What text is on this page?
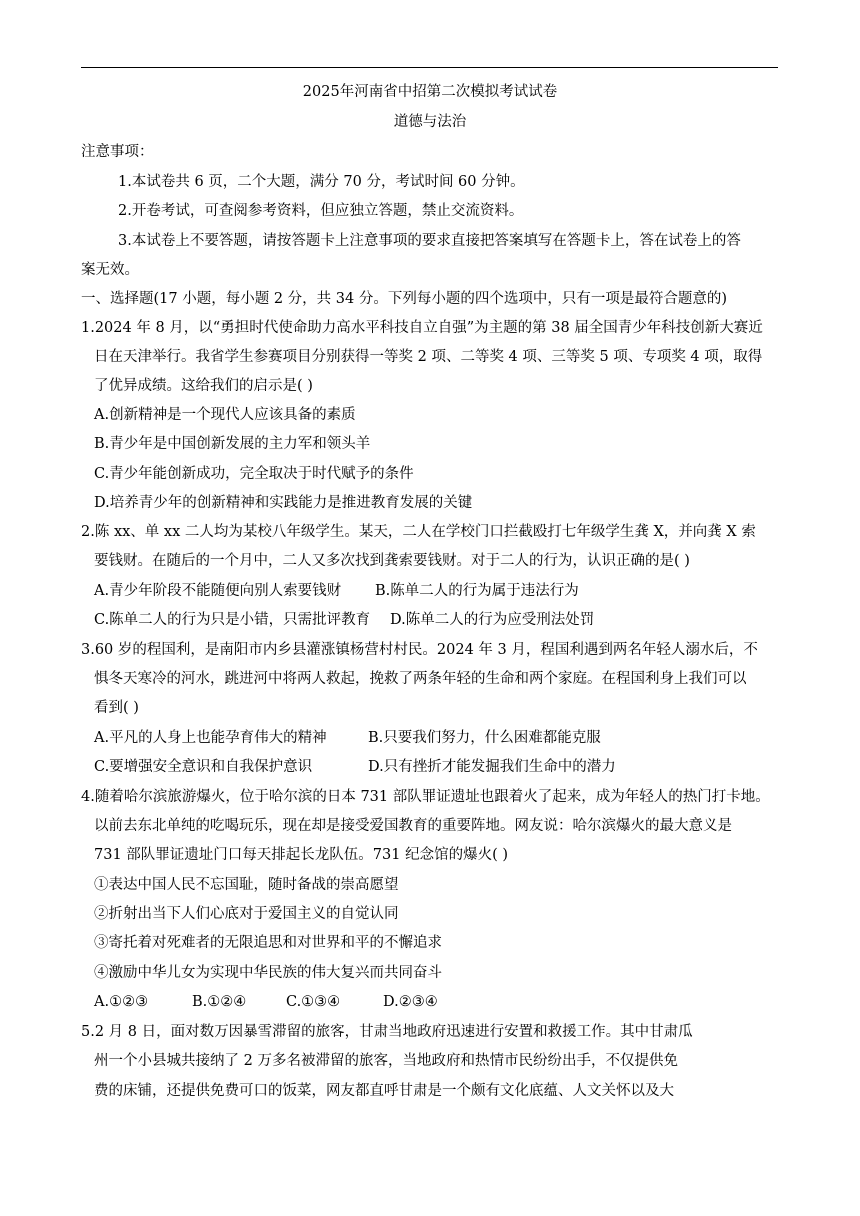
2025年河南省中招第二次模拟考试试卷
道德与法治
注意事项：
1.本试卷共 6 页，二个大题，满分 70 分，考试时间 60 分钟。
2.开卷考试，可查阅参考资料，但应独立答题，禁止交流资料。
3.本试卷上不要答题，请按答题卡上注意事项的要求直接把答案填写在答题卡上，答在试卷上的答
案无效。
一、选择题(17 小题，每小题 2 分，共 34 分。下列每小题的四个选项中，只有一项是最符合题意的)
1.2024 年 8 月，以“勇担时代使命助力高水平科技自立自强”为主题的第 38 届全国青少年科技创新大赛近
日在天津举行。我省学生参赛项目分别获得一等奖 2 项、二等奖 4 项、三等奖 5 项、专项奖 4 项，取得
了优异成绩。这给我们的启示是( )
A.创新精神是一个现代人应该具备的素质
B.青少年是中国创新发展的主力军和领头羊
C.青少年能创新成功，完全取决于时代赋予的条件
D.培养青少年的创新精神和实践能力是推进教育发展的关键
2.陈 xx、单 xx 二人均为某校八年级学生。某天，二人在学校门口拦截殴打七年级学生龚 X，并向龚 X 索
要钱财。在随后的一个月中，二人又多次找到龚索要钱财。对于二人的行为，认识正确的是( )
A.青少年阶段不能随便向别人索要钱财 B.陈单二人的行为属于违法行为
C.陈单二人的行为只是小错，只需批评教育 D.陈单二人的行为应受刑法处罚
3.60 岁的程国利，是南阳市内乡县灌涨镇杨营村村民。2024 年 3 月，程国利遇到两名年轻人溺水后，不
惧冬天寒冷的河水，跳进河中将两人救起，挽救了两条年轻的生命和两个家庭。在程国利身上我们可以
看到( )
A.平凡的人身上也能孕育伟大的精神	B.只要我们努力，什么困难都能克服
C.要增强安全意识和自我保护意识	D.只有挫折才能发掘我们生命中的潜力
4.随着哈尔滨旅游爆火，位于哈尔滨的日本 731 部队罪证遗址也跟着火了起来，成为年轻人的热门打卡地。
以前去东北单纯的吃喝玩乐，现在却是接受爱国教育的重要阵地。网友说：哈尔滨爆火的最大意义是
731 部队罪证遗址门口每天排起长龙队伍。731 纪念馆的爆火( )
①表达中国人民不忘国耻，随时备战的崇高愿望
②折射出当下人们心底对于爱国主义的自觉认同
③寄托着对死难者的无限追思和对世界和平的不懈追求
④激励中华儿女为实现中华民族的伟大复兴而共同奋斗
A.①②③	B.①②④	C.①③④	D.②③④
5.2 月 8 日，面对数万因暴雪滞留的旅客，甘肃当地政府迅速进行安置和救援工作。其中甘肃瓜
州一个小县城共接纳了 2 万多名被滞留的旅客，当地政府和热情市民纷纷出手，不仅提供免
费的床铺，还提供免费可口的饭菜，网友都直呼甘肃是一个颇有文化底蕴、人文关怀以及大
